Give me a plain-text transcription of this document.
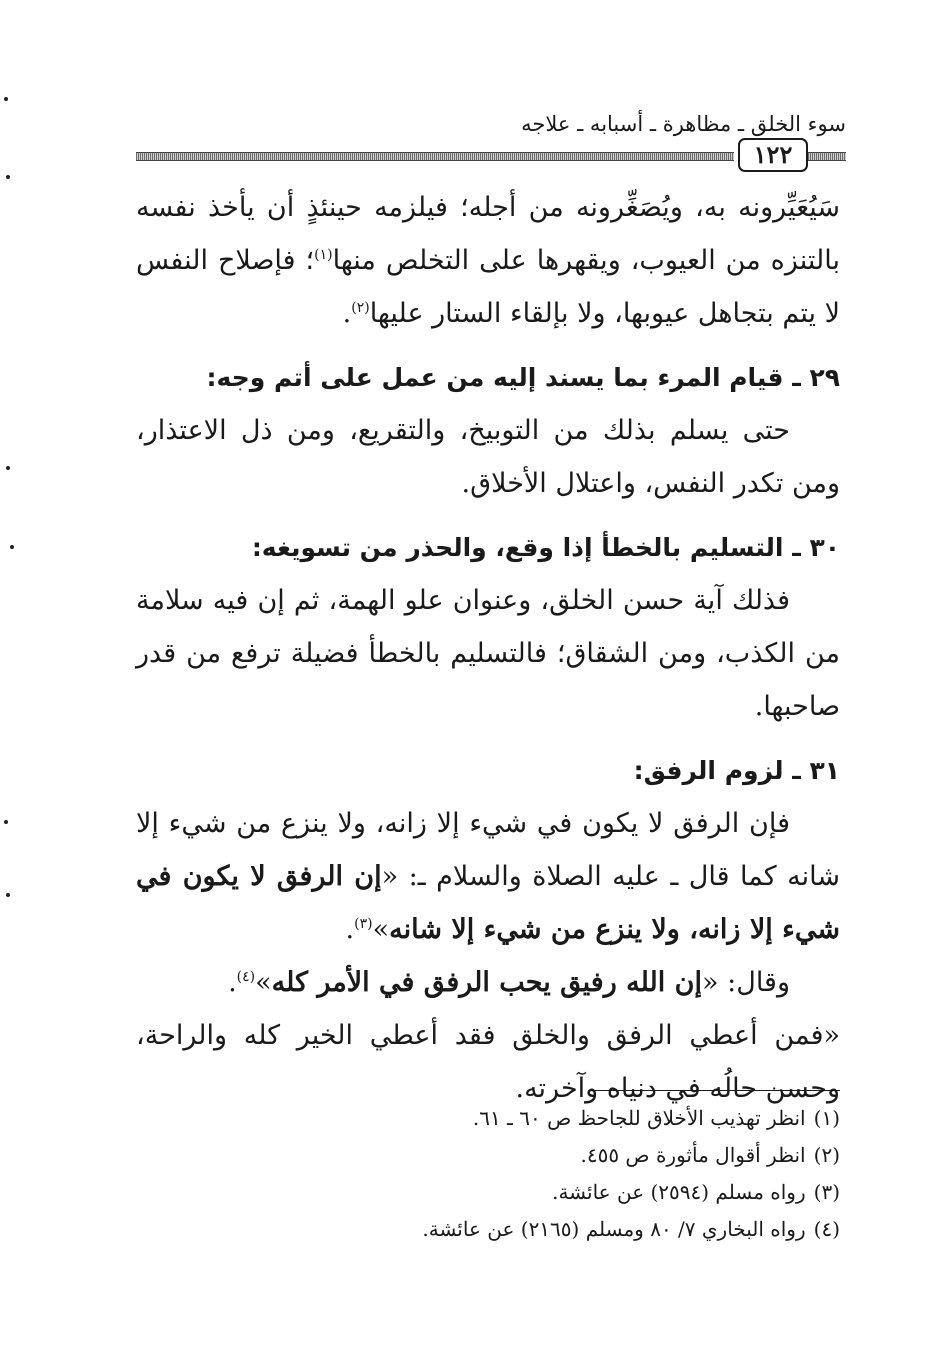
سوء الخلق ـ مظاهرة ـ أسبابه ـ علاجه
١٢٢

سَيُعَيِّرونه به، ويُصَغِّرونه من أجله؛ فيلزمه حينئذٍ أن يأخذ نفسه بالتنزه من العيوب، ويقهرها على التخلص منها$^{(١)}$؛ فإصلاح النفس لا يتم بتجاهل عيوبها، ولا بإلقاء الستار عليها$^{(٢)}$.

٢٩ ـ قيام المرء بما يسند إليه من عمل على أتم وجه:

حتى يسلم بذلك من التوبيخ، والتقريع، ومن ذل الاعتذار، ومن تكدر النفس، واعتلال الأخلاق.

٣٠ ـ التسليم بالخطأ إذا وقع، والحذر من تسويغه:

فذلك آية حسن الخلق، وعنوان علو الهمة، ثم إن فيه سلامة من الكذب، ومن الشقاق؛ فالتسليم بالخطأ فضيلة ترفع من قدر صاحبها.

٣١ ـ لزوم الرفق:

فإن الرفق لا يكون في شيء إلا زانه، ولا ينزع من شيء إلا شانه كما قال ـ عليه الصلاة والسلام ـ: «إن الرفق لا يكون في شيء إلا زانه، ولا ينزع من شيء إلا شانه»$^{(٣)}$.

وقال: «إن الله رفيق يحب الرفق في الأمر كله»$^{(٤)}$.

«فمن أعطي الرفق والخلق فقد أعطي الخير كله والراحة، وحسن حالُه في دنياه وآخرته.

(١)انظر تهذيب الأخلاق للجاحظ ص ٦٠ ـ ٦١.
(٢)انظر أقوال مأثورة ص ٤٥٥.
(٣)رواه مسلم (٢٥٩٤) عن عائشة.
(٤)رواه البخاري ٧/ ٨٠ ومسلم (٢١٦٥) عن عائشة.
